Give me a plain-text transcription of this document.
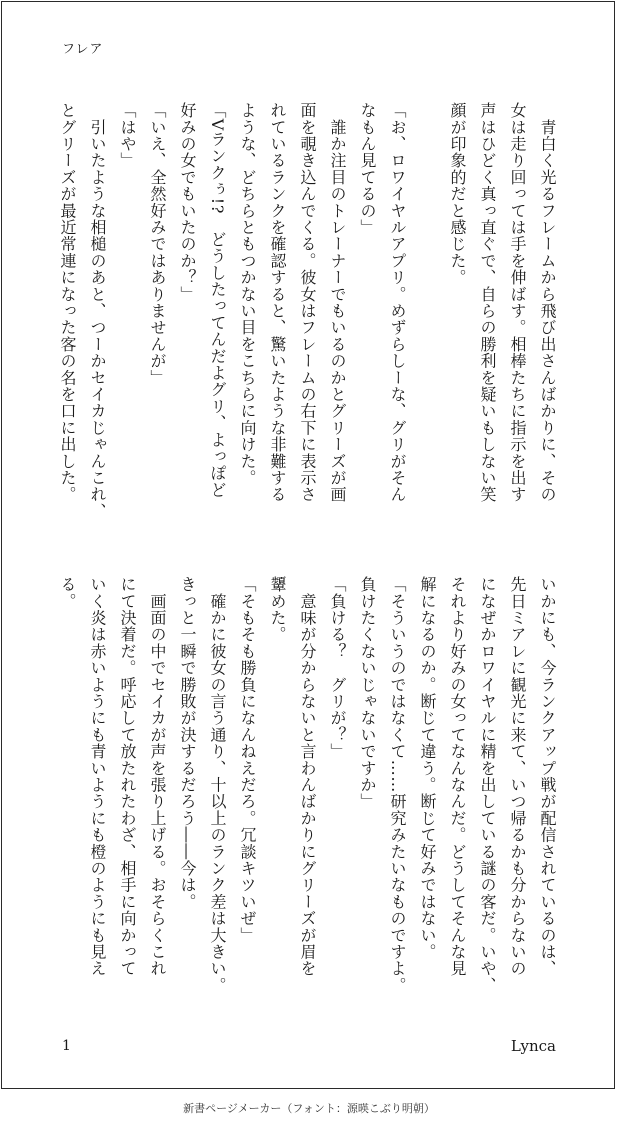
フレア
　青白く光るフレームから飛び出さんばかりに、その
女は走り回っては手を伸ばす。相棒たちに指示を出す
声はひどく真っ直ぐで、自らの勝利を疑いもしない笑
顔が印象的だと感じた。

「お、ロワイヤルアプリ。めずらしーな、グリがそん
なもん見てるの」
　誰か注目のトレーナーでもいるのかとグリーズが画
面を覗き込んでくる。彼女はフレームの右下に表示さ
れているランクを確認すると、驚いたような非難する
ような、どちらともつかない目をこちらに向けた。
「Vランクぅ!?　どうしたってんだよグリ、よっぽど
好みの女でもいたのか？」
「いえ、全然好みではありませんが」
「はや」
　引いたような相槌のあと、つーかセイカじゃんこれ、
とグリーズが最近常連になった客の名を口に出した。
いかにも、今ランクアップ戦が配信されているのは、
先日ミアレに観光に来て、いつ帰るかも分からないの
になぜかロワイヤルに精を出している謎の客だ。いや、
それより好みの女ってなんなんだ。どうしてそんな見
解になるのか。断じて違う。断じて好みではない。
「そういうのではなくて……研究みたいなものですよ。
負けたくないじゃないですか」
「負ける？　グリが？」
　意味が分からないと言わんばかりにグリーズが眉を
顰めた。
「そもそも勝負になんねえだろ。冗談キツいぜ」
　確かに彼女の言う通り、十以上のランク差は大きい。
きっと一瞬で勝敗が決するだろう――今は。
　画面の中でセイカが声を張り上げる。おそらくこれ
にて決着だ。呼応して放たれたわざ、相手に向かって
いく炎は赤いようにも青いようにも橙のようにも見え
る。
1	Lynca
新書ページメーカー（フォント：源暎こぶり明朝）
